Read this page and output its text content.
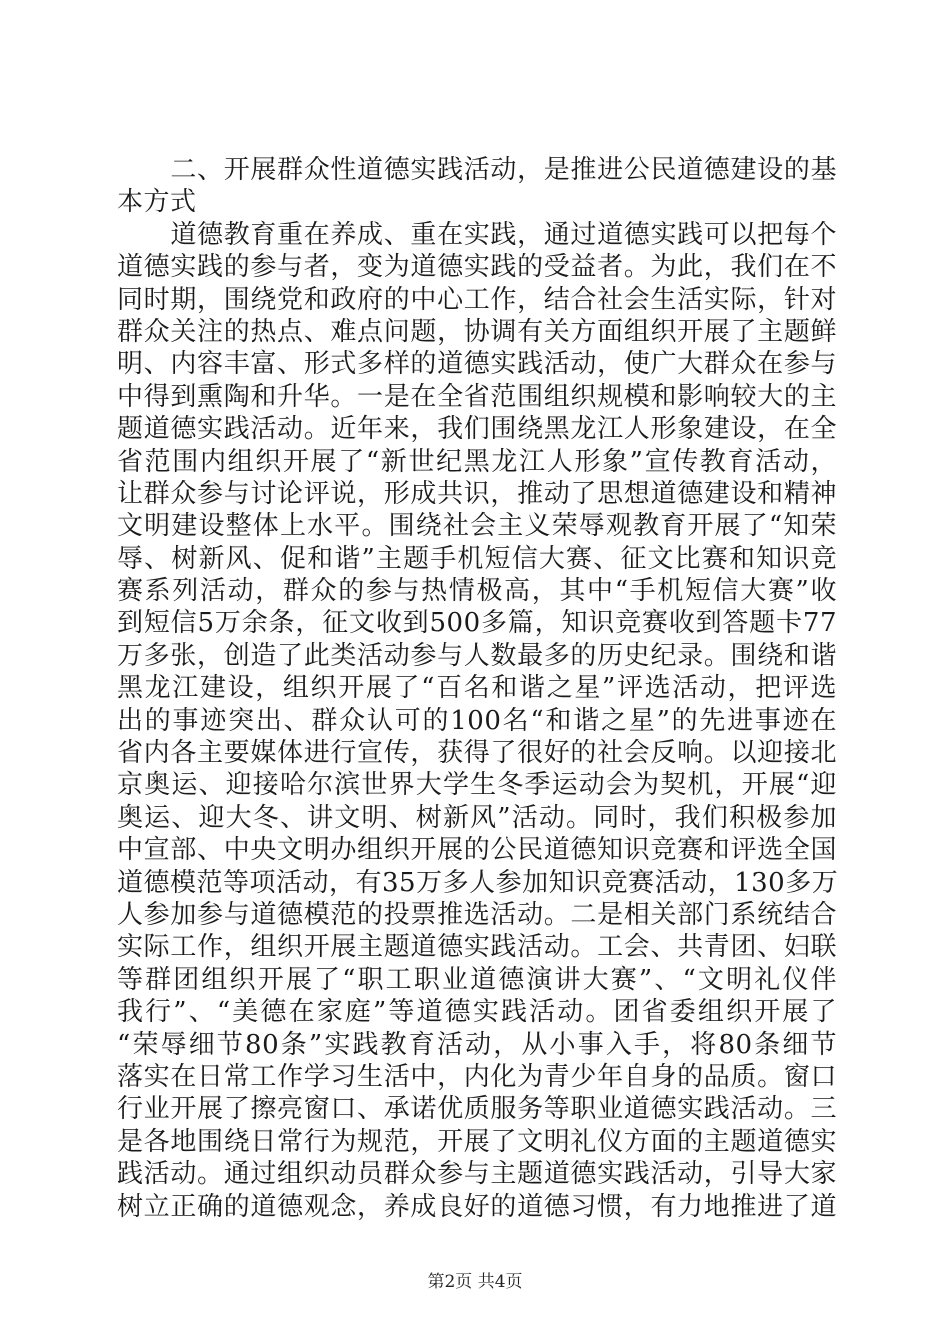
　　二、开展群众性道德实践活动，是推进公民道德建设的基
本方式
　　道德教育重在养成、重在实践，通过道德实践可以把每个
道德实践的参与者，变为道德实践的受益者。为此，我们在不
同时期，围绕党和政府的中心工作，结合社会生活实际，针对
群众关注的热点、难点问题，协调有关方面组织开展了主题鲜
明、内容丰富、形式多样的道德实践活动，使广大群众在参与
中得到熏陶和升华。一是在全省范围组织规模和影响较大的主
题道德实践活动。近年来，我们围绕黑龙江人形象建设，在全
省范围内组织开展了“新世纪黑龙江人形象”宣传教育活动，
让群众参与讨论评说，形成共识，推动了思想道德建设和精神
文明建设整体上水平。围绕社会主义荣辱观教育开展了“知荣
辱、树新风、促和谐”主题手机短信大赛、征文比赛和知识竞
赛系列活动，群众的参与热情极高，其中“手机短信大赛”收
到短信5万余条，征文收到500多篇，知识竞赛收到答题卡77
万多张，创造了此类活动参与人数最多的历史纪录。围绕和谐
黑龙江建设，组织开展了“百名和谐之星”评选活动，把评选
出的事迹突出、群众认可的100名“和谐之星”的先进事迹在
省内各主要媒体进行宣传，获得了很好的社会反响。以迎接北
京奥运、迎接哈尔滨世界大学生冬季运动会为契机，开展“迎
奥运、迎大冬、讲文明、树新风”活动。同时，我们积极参加
中宣部、中央文明办组织开展的公民道德知识竞赛和评选全国
道德模范等项活动，有35万多人参加知识竞赛活动，130多万
人参加参与道德模范的投票推选活动。二是相关部门系统结合
实际工作，组织开展主题道德实践活动。工会、共青团、妇联
等群团组织开展了“职工职业道德演讲大赛”、“文明礼仪伴
我行”、“美德在家庭”等道德实践活动。团省委组织开展了
“荣辱细节80条”实践教育活动，从小事入手，将80条细节
落实在日常工作学习生活中，内化为青少年自身的品质。窗口
行业开展了擦亮窗口、承诺优质服务等职业道德实践活动。三
是各地围绕日常行为规范，开展了文明礼仪方面的主题道德实
践活动。通过组织动员群众参与主题道德实践活动，引导大家
树立正确的道德观念，养成良好的道德习惯，有力地推进了道
第2页 共4页
